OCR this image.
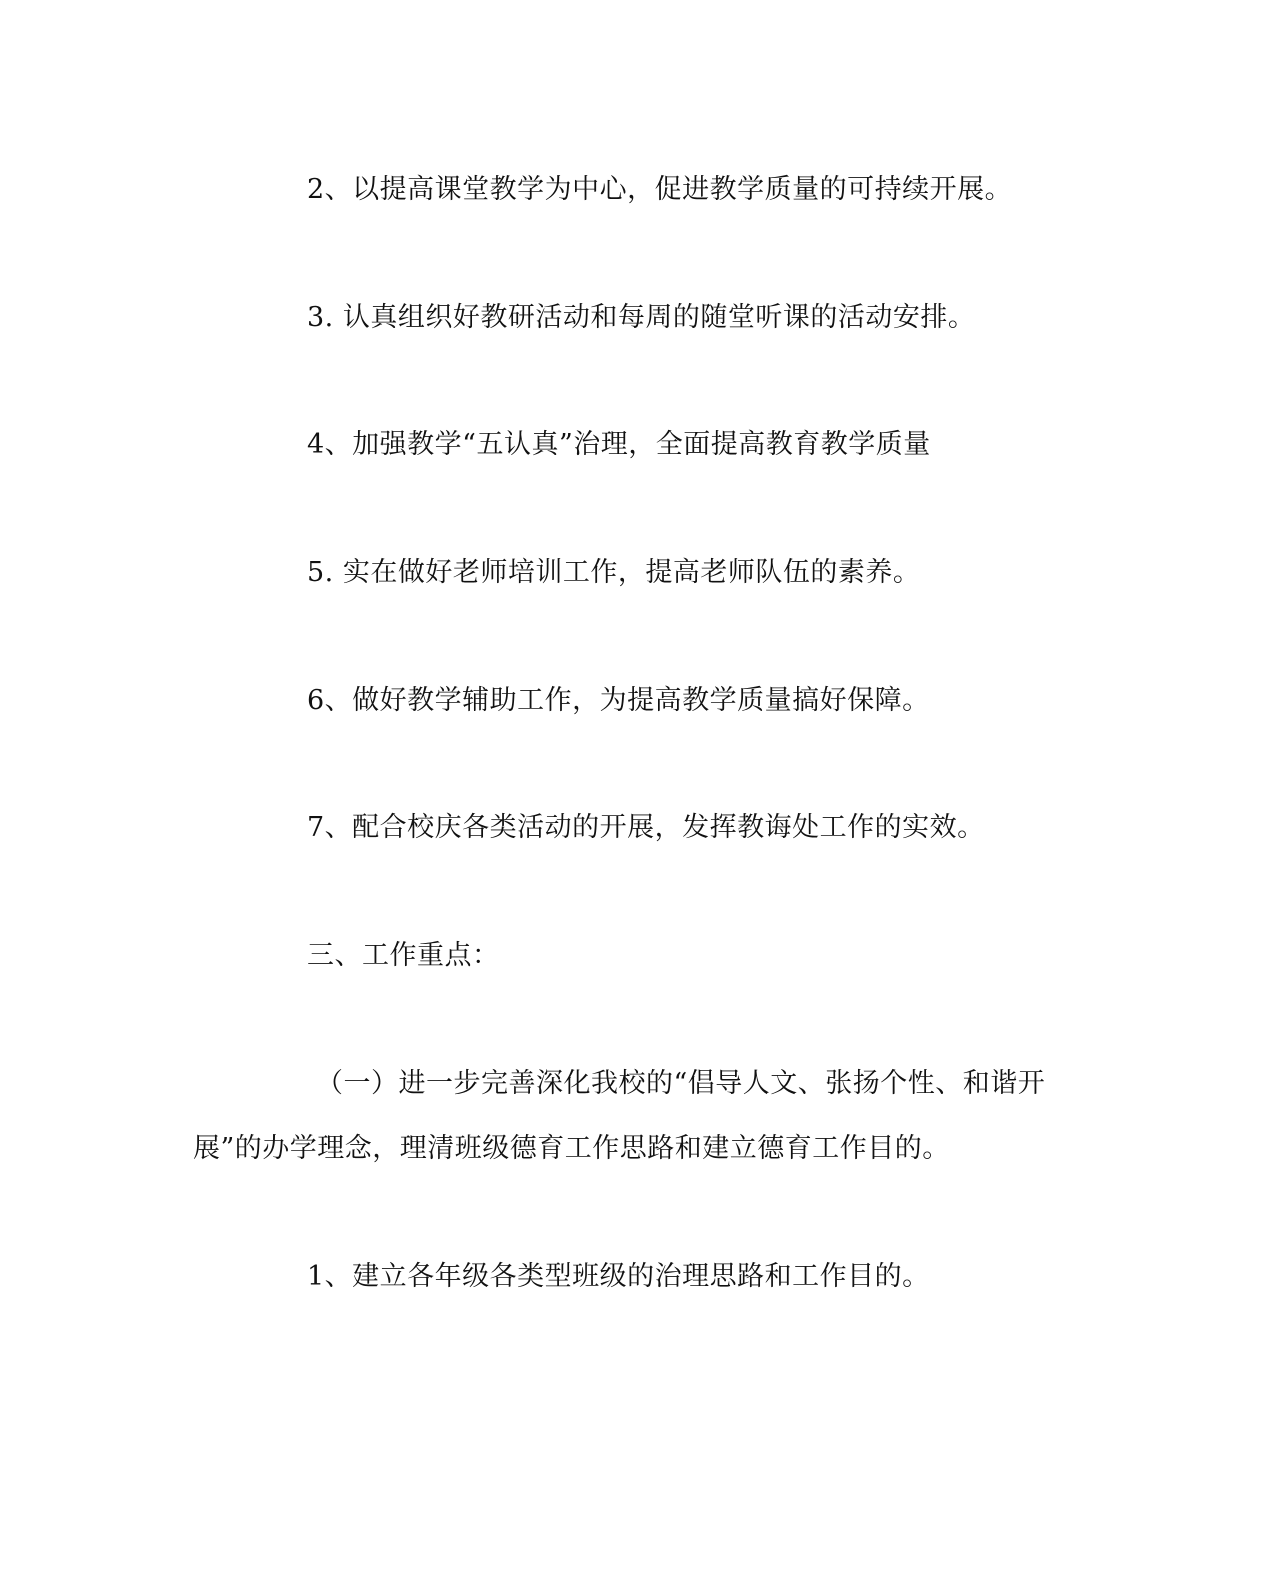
2、以提高课堂教学为中心，促进教学质量的可持续开展。
3. 认真组织好教研活动和每周的随堂听课的活动安排。
4、加强教学“五认真”治理，全面提高教育教学质量
5. 实在做好老师培训工作，提高老师队伍的素养。
6、做好教学辅助工作，为提高教学质量搞好保障。
7、配合校庆各类活动的开展，发挥教诲处工作的实效。
三、工作重点：
（一）进一步完善深化我校的“倡导人文、张扬个性、和谐开
展”的办学理念，理清班级德育工作思路和建立德育工作目的。
1、建立各年级各类型班级的治理思路和工作目的。
